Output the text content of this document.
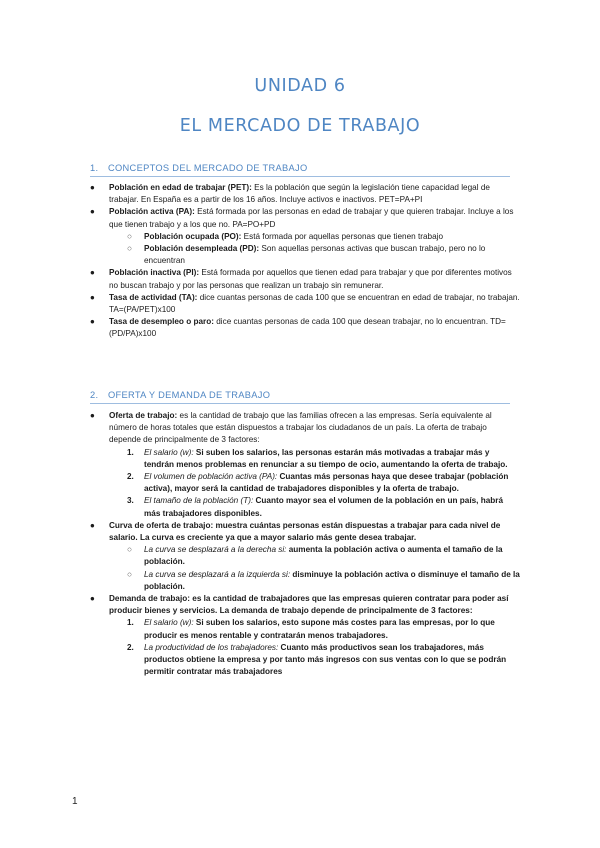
UNIDAD 6
EL MERCADO DE TRABAJO
1. CONCEPTOS DEL MERCADO DE TRABAJO

● Población en edad de trabajar (PET): Es la población que según la legislación tiene capacidad legal de trabajar. En España es a partir de los 16 años. Incluye activos e inactivos. PET=PA+PI

● Población activa (PA): Está formada por las personas en edad de trabajar y que quieren trabajar. Incluye a los que tienen trabajo y a los que no. PA=PO+PD

○ Población ocupada (PO): Está formada por aquellas personas que tienen trabajo

○ Población desempleada (PD): Son aquellas personas activas que buscan trabajo, pero no lo encuentran

● Población inactiva (PI): Está formada por aquellos que tienen edad para trabajar y que por diferentes motivos no buscan trabajo y por las personas que realizan un trabajo sin remunerar.

● Tasa de actividad (TA): dice cuantas personas de cada 100 que se encuentran en edad de trabajar, no trabajan. TA=(PA/PET)x100

● Tasa de desempleo o paro: dice cuantas personas de cada 100 que desean trabajar, no lo encuentran. TD=(PD/PA)x100

2. OFERTA Y DEMANDA DE TRABAJO

● Oferta de trabajo: es la cantidad de trabajo que las familias ofrecen a las empresas. Sería equivalente al número de horas totales que están dispuestos a trabajar los ciudadanos de un país. La oferta de trabajo depende de principalmente de 3 factores:

1. El salario (w): Si suben los salarios, las personas estarán más motivadas a trabajar más y tendrán menos problemas en renunciar a su tiempo de ocio, aumentando la oferta de trabajo.

2. El volumen de población activa (PA): Cuantas más personas haya que desee trabajar (población activa), mayor será la cantidad de trabajadores disponibles y la oferta de trabajo.

3. El tamaño de la población (T): Cuanto mayor sea el volumen de la población en un país, habrá más trabajadores disponibles.

● Curva de oferta de trabajo: muestra cuántas personas están dispuestas a trabajar para cada nivel de salario. La curva es creciente ya que a mayor salario más gente desea trabajar.

○ La curva se desplazará a la derecha si: aumenta la población activa o aumenta el tamaño de la población.

○ La curva se desplazará a la izquierda si: disminuye la población activa o disminuye el tamaño de la población.

● Demanda de trabajo: es la cantidad de trabajadores que las empresas quieren contratar para poder así producir bienes y servicios. La demanda de trabajo depende de principalmente de 3 factores:

1. El salario (w): Si suben los salarios, esto supone más costes para las empresas, por lo que producir es menos rentable y contratarán menos trabajadores.

2. La productividad de los trabajadores: Cuanto más productivos sean los trabajadores, más productos obtiene la empresa y por tanto más ingresos con sus ventas con lo que se podrán permitir contratar más trabajadores

1
